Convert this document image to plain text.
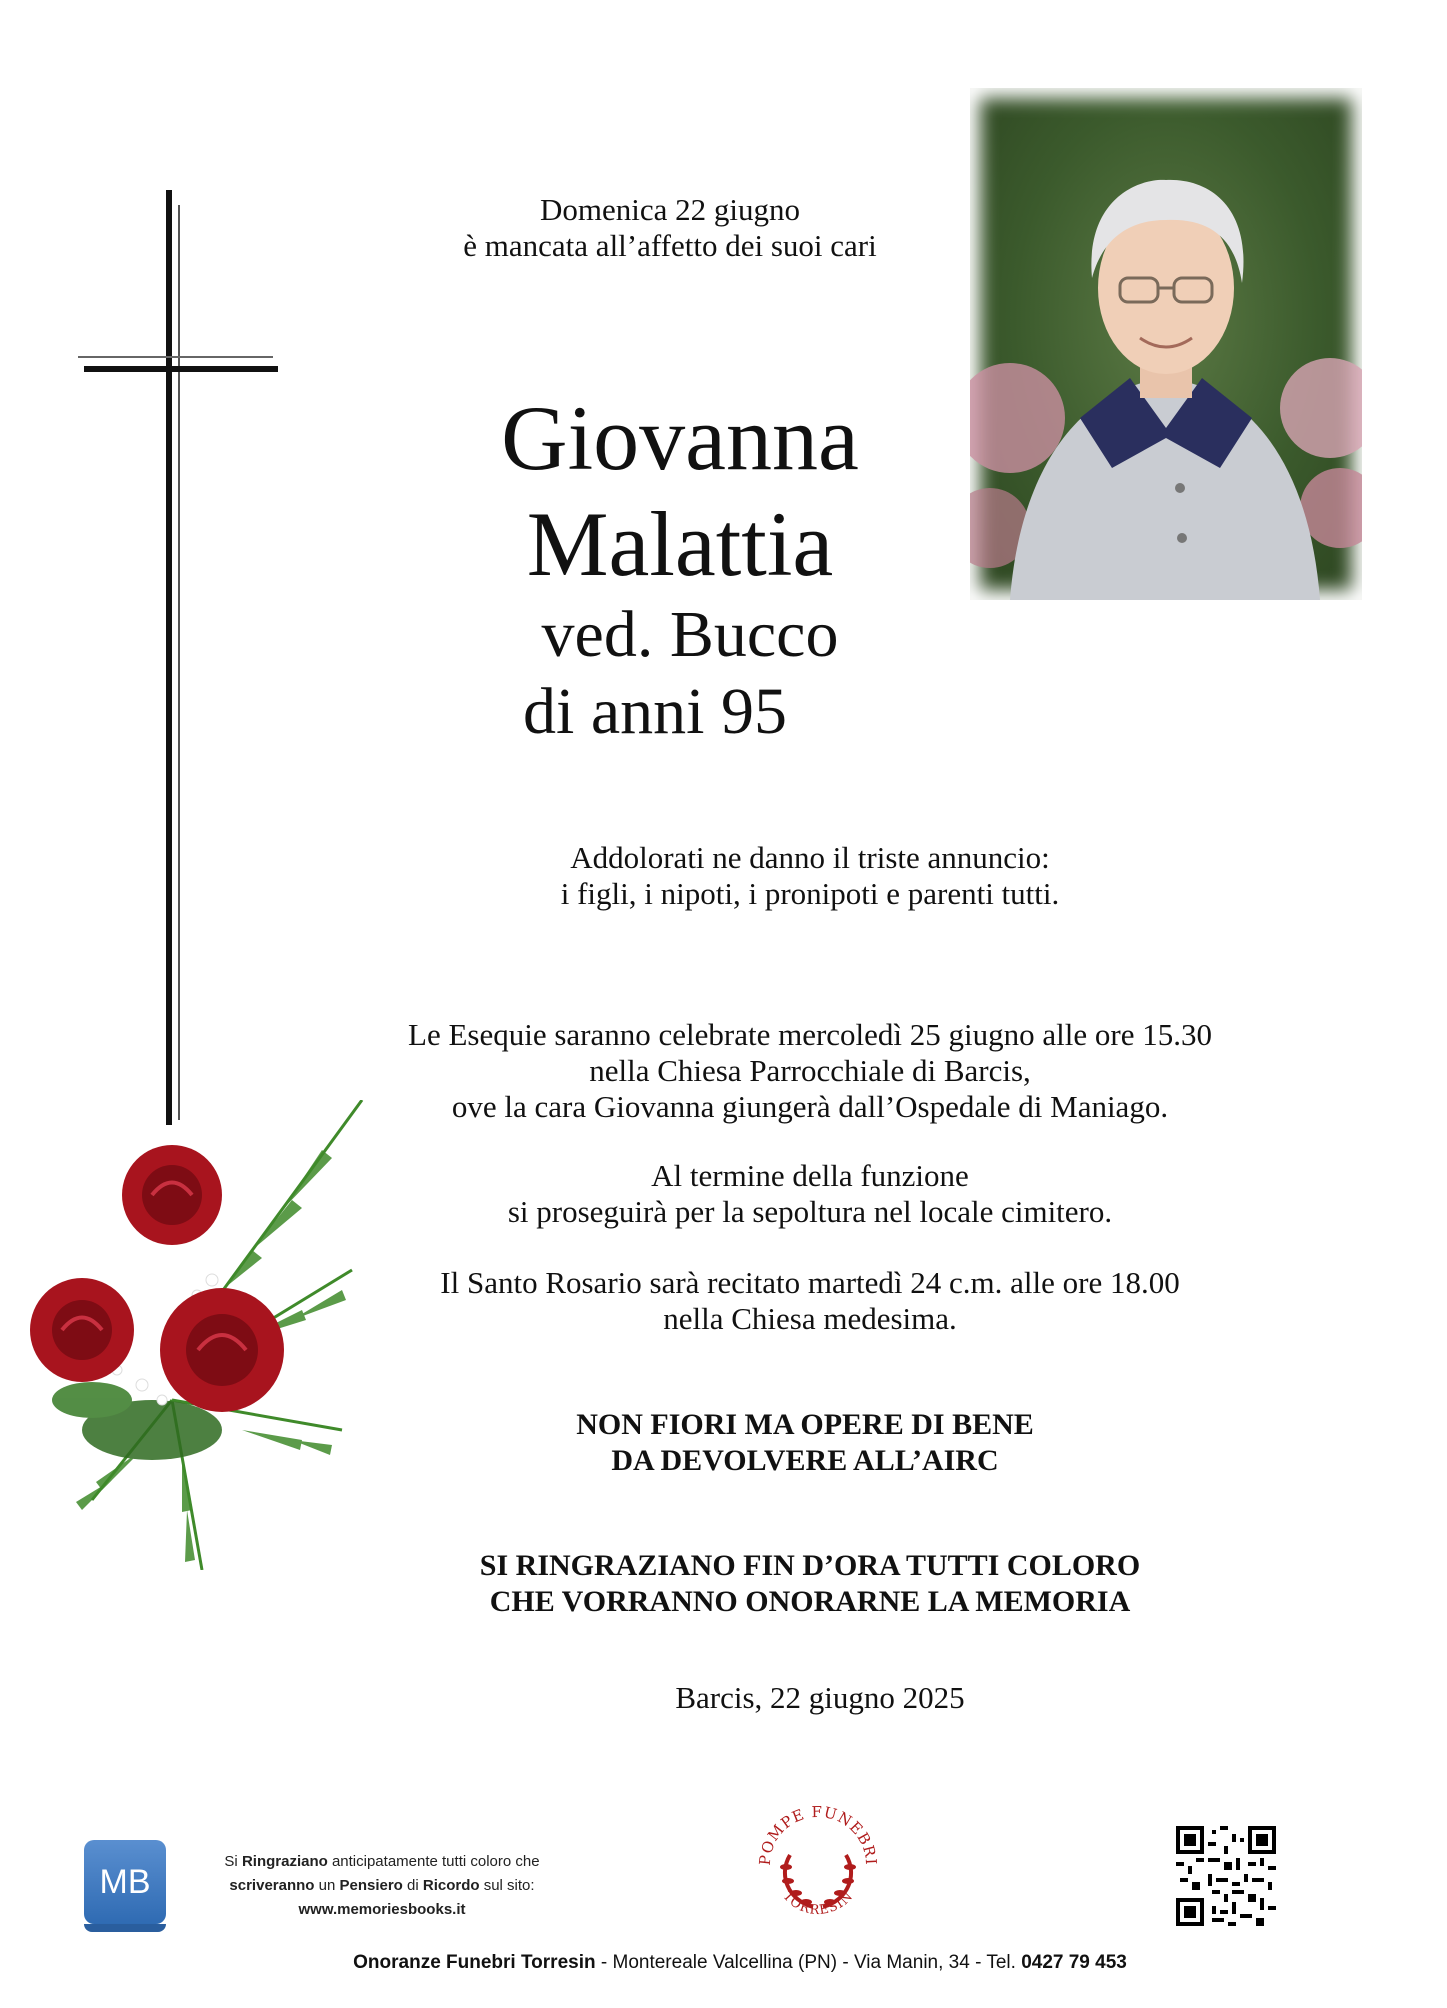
Domenica 22 giugno
è mancata all’affetto dei suoi cari
Giovanna
Malattia
ved. Bucco
di anni 95
Addolorati ne danno il triste annuncio:
i figli, i nipoti, i pronipoti e parenti tutti.
Le Esequie saranno celebrate mercoledì 25 giugno alle ore 15.30
nella Chiesa Parrocchiale di Barcis,
ove la cara Giovanna giungerà dall’Ospedale di Maniago.
Al termine della funzione
si proseguirà per la sepoltura nel locale cimitero.
Il Santo Rosario sarà recitato martedì 24 c.m. alle ore 18.00
nella Chiesa medesima.
NON FIORI MA OPERE DI BENE
DA DEVOLVERE ALL’AIRC
SI RINGRAZIANO FIN D’ORA TUTTI COLORO
CHE VORRANNO ONORARNE LA MEMORIA
Barcis, 22 giugno 2025
MB
Si Ringraziano anticipatamente tutti coloro che
scriveranno un Pensiero di Ricordo sul sito:
www.memoriesbooks.it
POMPE FUNEBRI
TORRESIN
Onoranze Funebri Torresin - Montereale Valcellina (PN) - Via Manin, 34 - Tel. 0427 79 453
